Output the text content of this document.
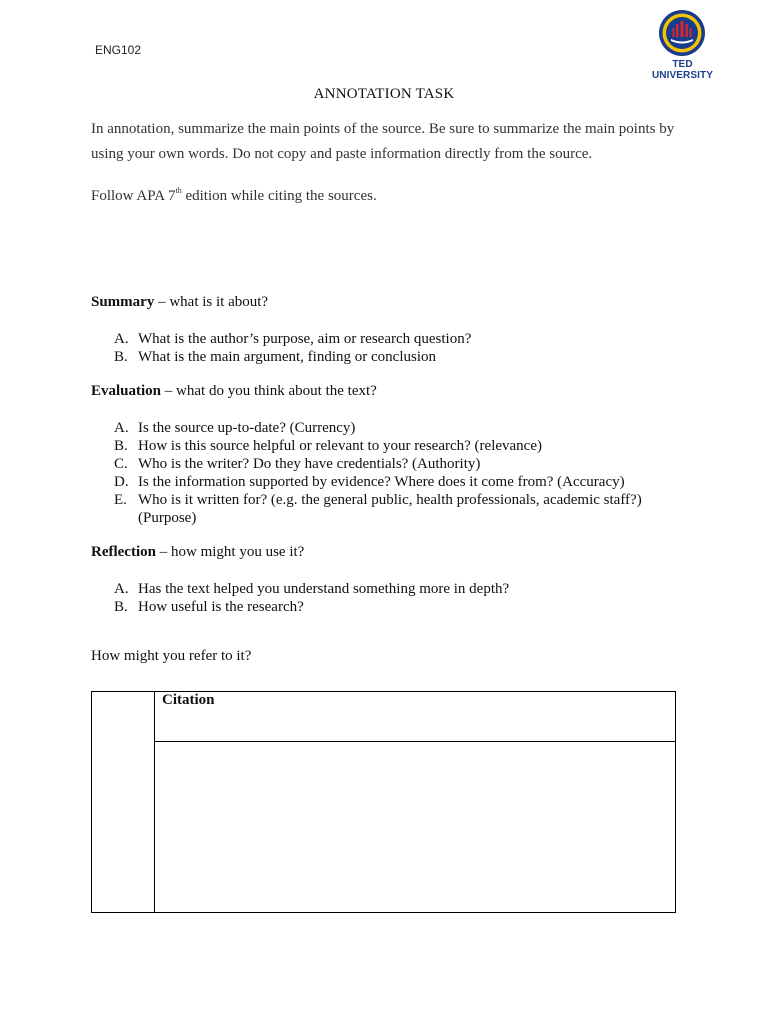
ENG102
TED UNIVERSITY
ANNOTATION TASK
In annotation, summarize the main points of the source. Be sure to summarize the main points by using your own words. Do not copy and paste information directly from the source.
Follow APA 7th edition while citing the sources.
Summary – what is it about?
A. What is the author’s purpose, aim or research question?
B. What is the main argument, finding or conclusion
Evaluation – what do you think about the text?
A. Is the source up-to-date? (Currency)
B. How is this source helpful or relevant to your research? (relevance)
C. Who is the writer? Do they have credentials? (Authority)
D. Is the information supported by evidence? Where does it come from? (Accuracy)
E. Who is it written for? (e.g. the general public, health professionals, academic staff?) (Purpose)
Reflection – how might you use it?
A. Has the text helped you understand something more in depth?
B. How useful is the research?
How might you refer to it?
Citation
